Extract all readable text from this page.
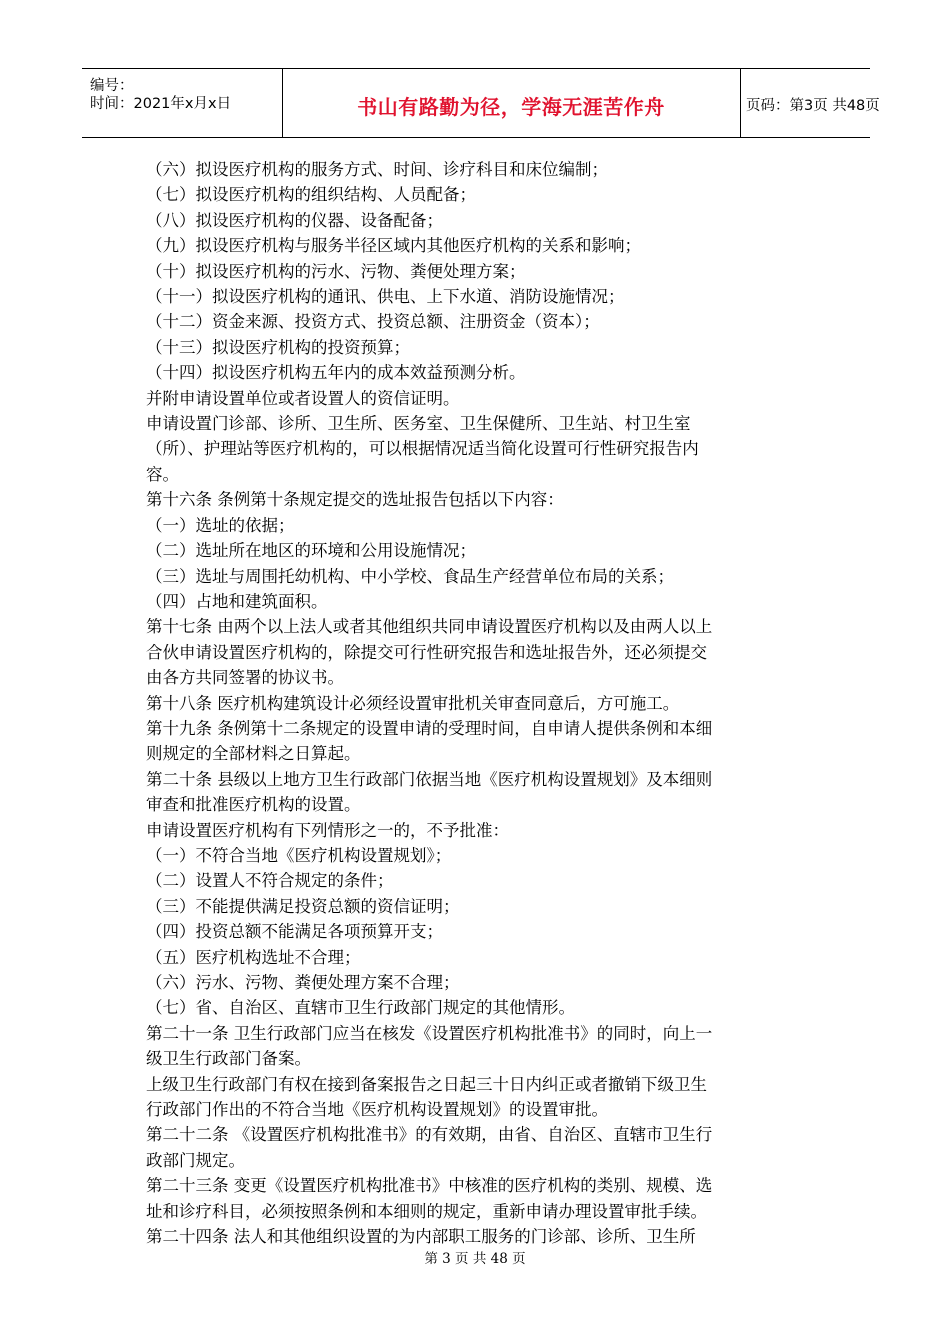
编号：
时间：2021年x月x日	书山有路勤为径，学海无涯苦作舟	页码：第3页 共48页

（六）拟设医疗机构的服务方式、时间、诊疗科目和床位编制；

（七）拟设医疗机构的组织结构、人员配备；

（八）拟设医疗机构的仪器、设备配备；

（九）拟设医疗机构与服务半径区域内其他医疗机构的关系和影响；

（十）拟设医疗机构的污水、污物、粪便处理方案；

（十一）拟设医疗机构的通讯、供电、上下水道、消防设施情况；

（十二）资金来源、投资方式、投资总额、注册资金（资本）；

（十三）拟设医疗机构的投资预算；

（十四）拟设医疗机构五年内的成本效益预测分析。

并附申请设置单位或者设置人的资信证明。

申请设置门诊部、诊所、卫生所、医务室、卫生保健所、卫生站、村卫生室

（所）、护理站等医疗机构的，可以根据情况适当简化设置可行性研究报告内

容。

第十六条 条例第十条规定提交的选址报告包括以下内容：

（一）选址的依据；

（二）选址所在地区的环境和公用设施情况；

（三）选址与周围托幼机构、中小学校、食品生产经营单位布局的关系；

（四）占地和建筑面积。

第十七条 由两个以上法人或者其他组织共同申请设置医疗机构以及由两人以上

合伙申请设置医疗机构的，除提交可行性研究报告和选址报告外，还必须提交

由各方共同签署的协议书。

第十八条 医疗机构建筑设计必须经设置审批机关审查同意后，方可施工。

第十九条 条例第十二条规定的设置申请的受理时间，自申请人提供条例和本细

则规定的全部材料之日算起。

第二十条 县级以上地方卫生行政部门依据当地《医疗机构设置规划》及本细则

审查和批准医疗机构的设置。

申请设置医疗机构有下列情形之一的，不予批准：

（一）不符合当地《医疗机构设置规划》；

（二）设置人不符合规定的条件；

（三）不能提供满足投资总额的资信证明；

（四）投资总额不能满足各项预算开支；

（五）医疗机构选址不合理；

（六）污水、污物、粪便处理方案不合理；

（七）省、自治区、直辖市卫生行政部门规定的其他情形。

第二十一条 卫生行政部门应当在核发《设置医疗机构批准书》的同时，向上一

级卫生行政部门备案。

上级卫生行政部门有权在接到备案报告之日起三十日内纠正或者撤销下级卫生

行政部门作出的不符合当地《医疗机构设置规划》的设置审批。

第二十二条 《设置医疗机构批准书》的有效期，由省、自治区、直辖市卫生行

政部门规定。

第二十三条 变更《设置医疗机构批准书》中核准的医疗机构的类别、规模、选

址和诊疗科目，必须按照条例和本细则的规定，重新申请办理设置审批手续。

第二十四条 法人和其他组织设置的为内部职工服务的门诊部、诊所、卫生所

第 3 页 共 48 页
